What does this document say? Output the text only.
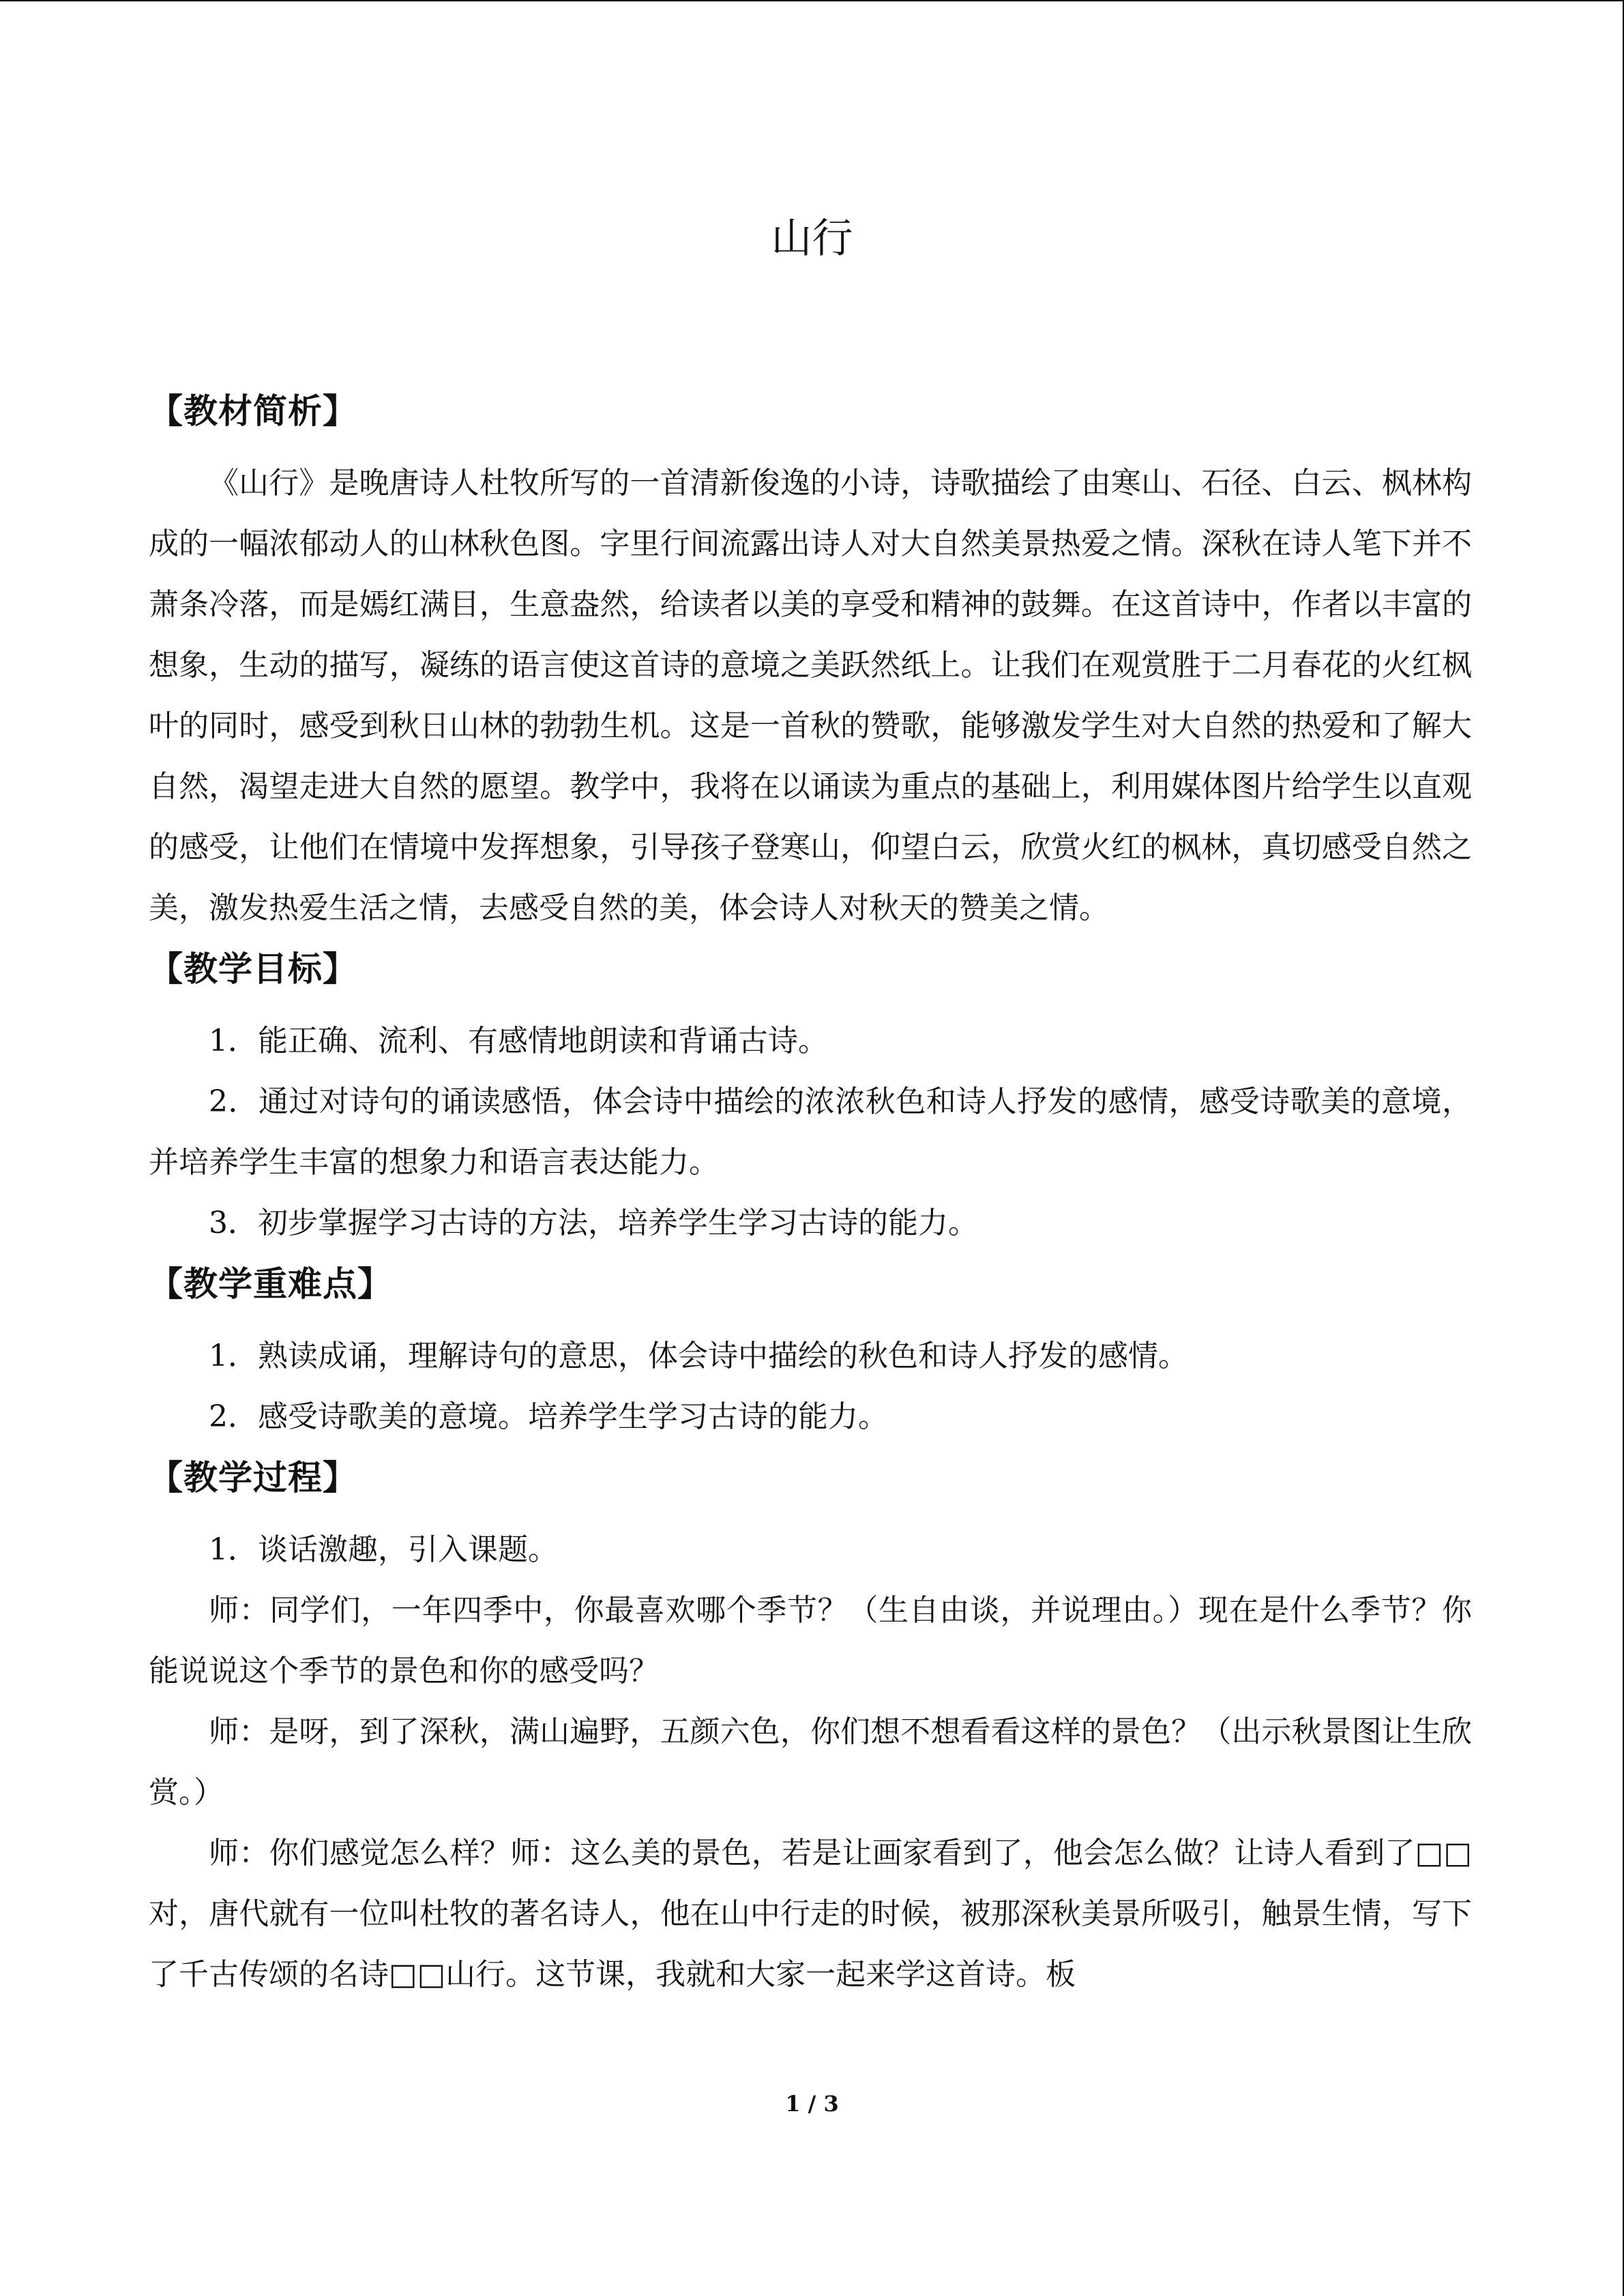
山行
【教材简析】

《山行》是晚唐诗人杜牧所写的一首清新俊逸的小诗，诗歌描绘了由寒山、石径、白云、枫林构成的一幅浓郁动人的山林秋色图。字里行间流露出诗人对大自然美景热爱之情。深秋在诗人笔下并不萧条冷落，而是嫣红满目，生意盎然，给读者以美的享受和精神的鼓舞。在这首诗中，作者以丰富的想象，生动的描写，凝练的语言使这首诗的意境之美跃然纸上。让我们在观赏胜于二月春花的火红枫叶的同时，感受到秋日山林的勃勃生机。这是一首秋的赞歌，能够激发学生对大自然的热爱和了解大自然，渴望走进大自然的愿望。教学中，我将在以诵读为重点的基础上，利用媒体图片给学生以直观的感受，让他们在情境中发挥想象，引导孩子登寒山，仰望白云，欣赏火红的枫林，真切感受自然之美，激发热爱生活之情，去感受自然的美，体会诗人对秋天的赞美之情。

【教学目标】

1．能正确、流利、有感情地朗读和背诵古诗。

2．通过对诗句的诵读感悟，体会诗中描绘的浓浓秋色和诗人抒发的感情，感受诗歌美的意境，并培养学生丰富的想象力和语言表达能力。

3．初步掌握学习古诗的方法，培养学生学习古诗的能力。

【教学重难点】

1．熟读成诵，理解诗句的意思，体会诗中描绘的秋色和诗人抒发的感情。

2．感受诗歌美的意境。培养学生学习古诗的能力。

【教学过程】

1．谈话激趣，引入课题。

师：同学们，一年四季中，你最喜欢哪个季节？（生自由谈，并说理由。）现在是什么季节？你能说说这个季节的景色和你的感受吗？

师：是呀，到了深秋，满山遍野，五颜六色，你们想不想看看这样的景色？（出示秋景图让生欣赏。）

师：你们感觉怎么样？师：这么美的景色，若是让画家看到了，他会怎么做？让诗人看到了□□对，唐代就有一位叫杜牧的著名诗人，他在山中行走的时候，被那深秋美景所吸引，触景生情，写下了千古传颂的名诗□□山行。这节课，我就和大家一起来学这首诗。板

1 / 3
